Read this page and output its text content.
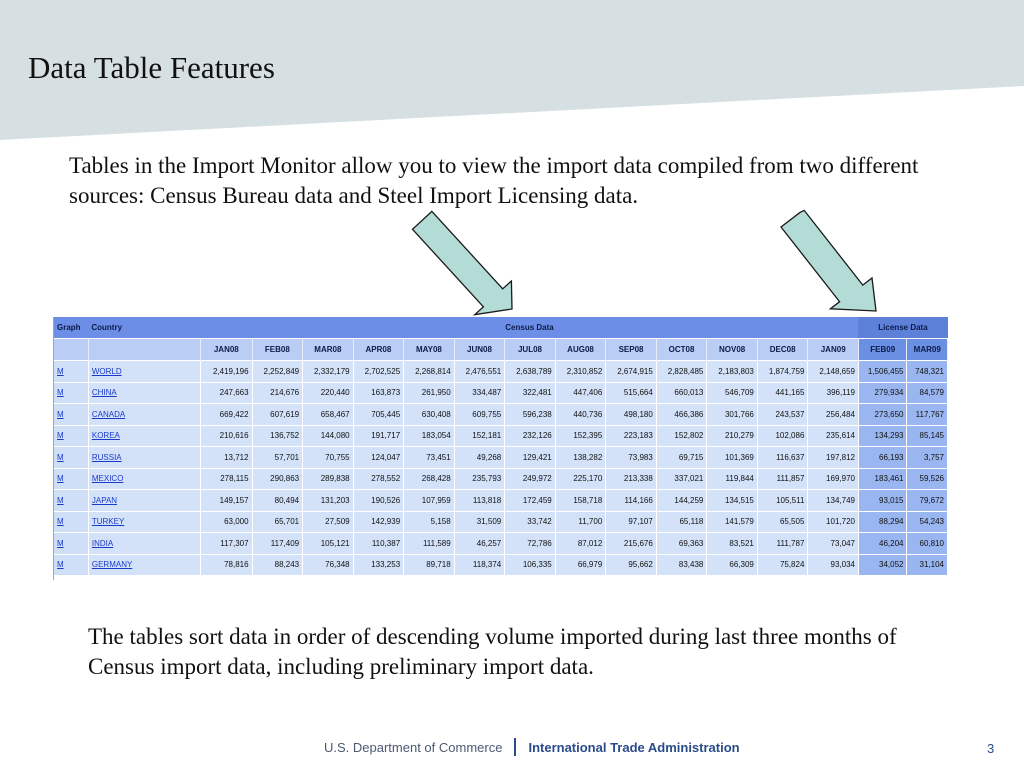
Data Table Features
Tables in the Import Monitor allow you to view the import data compiled from two different sources: Census Bureau data and Steel Import Licensing data.
Graph	Country	Census Data													License Data	
		JAN08	FEB08	MAR08	APR08	MAY08	JUN08	JUL08	AUG08	SEP08	OCT08	NOV08	DEC08	JAN09	FEB09	MAR09
M	WORLD	2,419,196	2,252,849	2,332,179	2,702,525	2,268,814	2,476,551	2,638,789	2,310,852	2,674,915	2,828,485	2,183,803	1,874,759	2,148,659	1,506,455	748,321
M	CHINA	247,663	214,676	220,440	163,873	261,950	334,487	322,481	447,406	515,664	660,013	546,709	441,165	396,119	279,934	84,579
M	CANADA	669,422	607,619	658,467	705,445	630,408	609,755	596,238	440,736	498,180	466,386	301,766	243,537	256,484	273,650	117,767
M	KOREA	210,616	136,752	144,080	191,717	183,054	152,181	232,126	152,395	223,183	152,802	210,279	102,086	235,614	134,293	85,145
M	RUSSIA	13,712	57,701	70,755	124,047	73,451	49,268	129,421	138,282	73,983	69,715	101,369	116,637	197,812	66,193	3,757
M	MEXICO	278,115	290,863	289,838	278,552	268,428	235,793	249,972	225,170	213,338	337,021	119,844	111,857	169,970	183,461	59,526
M	JAPAN	149,157	80,494	131,203	190,526	107,959	113,818	172,459	158,718	114,166	144,259	134,515	105,511	134,749	93,015	79,672
M	TURKEY	63,000	65,701	27,509	142,939	5,158	31,509	33,742	11,700	97,107	65,118	141,579	65,505	101,720	88,294	54,243
M	INDIA	117,307	117,409	105,121	110,387	111,589	46,257	72,786	87,012	215,676	69,363	83,521	111,787	73,047	46,204	60,810
M	GERMANY	78,816	88,243	76,348	133,253	89,718	118,374	106,335	66,979	95,662	83,438	66,309	75,824	93,034	34,052	31,104
The tables sort data in order of descending volume imported during last three months of Census import data, including preliminary import data.
U.S. Department of Commerce International Trade Administration	3
